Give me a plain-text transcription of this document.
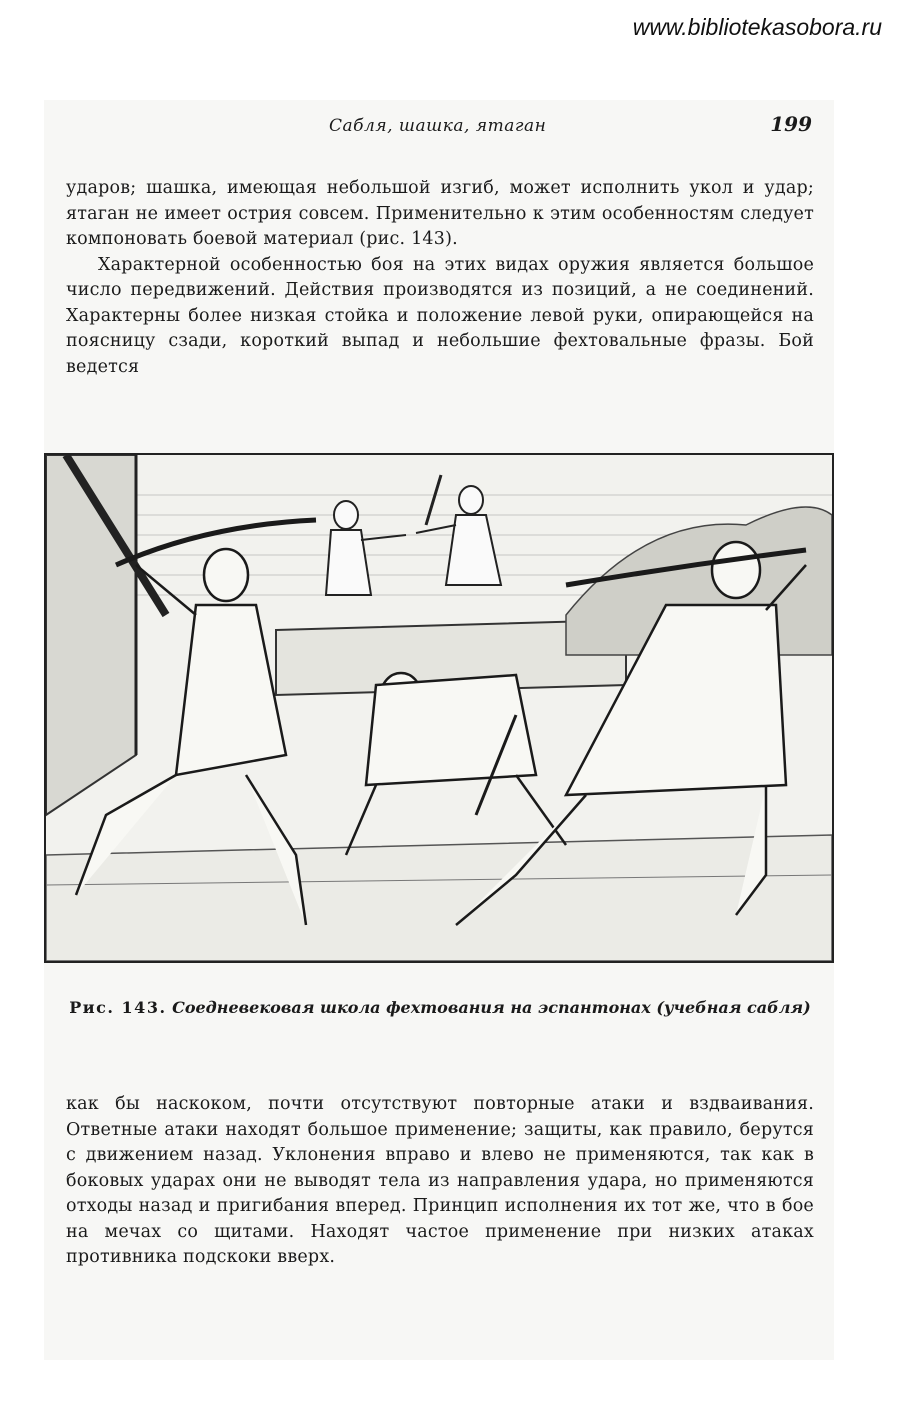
www.bibliotekasobora.ru
Сабля, шашка, ятаган	199

ударов; шашка, имеющая небольшой изгиб, может исполнить укол и удар; ятаган не имеет острия совсем. Применительно к этим особенностям следует компоновать боевой материал (рис. 143).

Характерной особенностью боя на этих видах оружия является большое число передвижений. Действия производятся из позиций, а не соединений. Характерны более низкая стойка и положение левой руки, опирающейся на поясницу сзади, короткий выпад и небольшие фехтовальные фразы. Бой ведется

Рис. 143. Соедневековая школа фехтования на эспантонах (учебная сабля)

как бы наскоком, почти отсутствуют повторные атаки и вздваивания. Ответные атаки находят большое применение; защиты, как правило, берутся с движением назад. Уклонения вправо и влево не применяются, так как в боковых ударах они не выводят тела из направления удара, но применяются отходы назад и пригибания вперед. Принцип исполнения их тот же, что в бое на мечах со щитами. Находят частое применение при низких атаках противника подскоки вверх.
